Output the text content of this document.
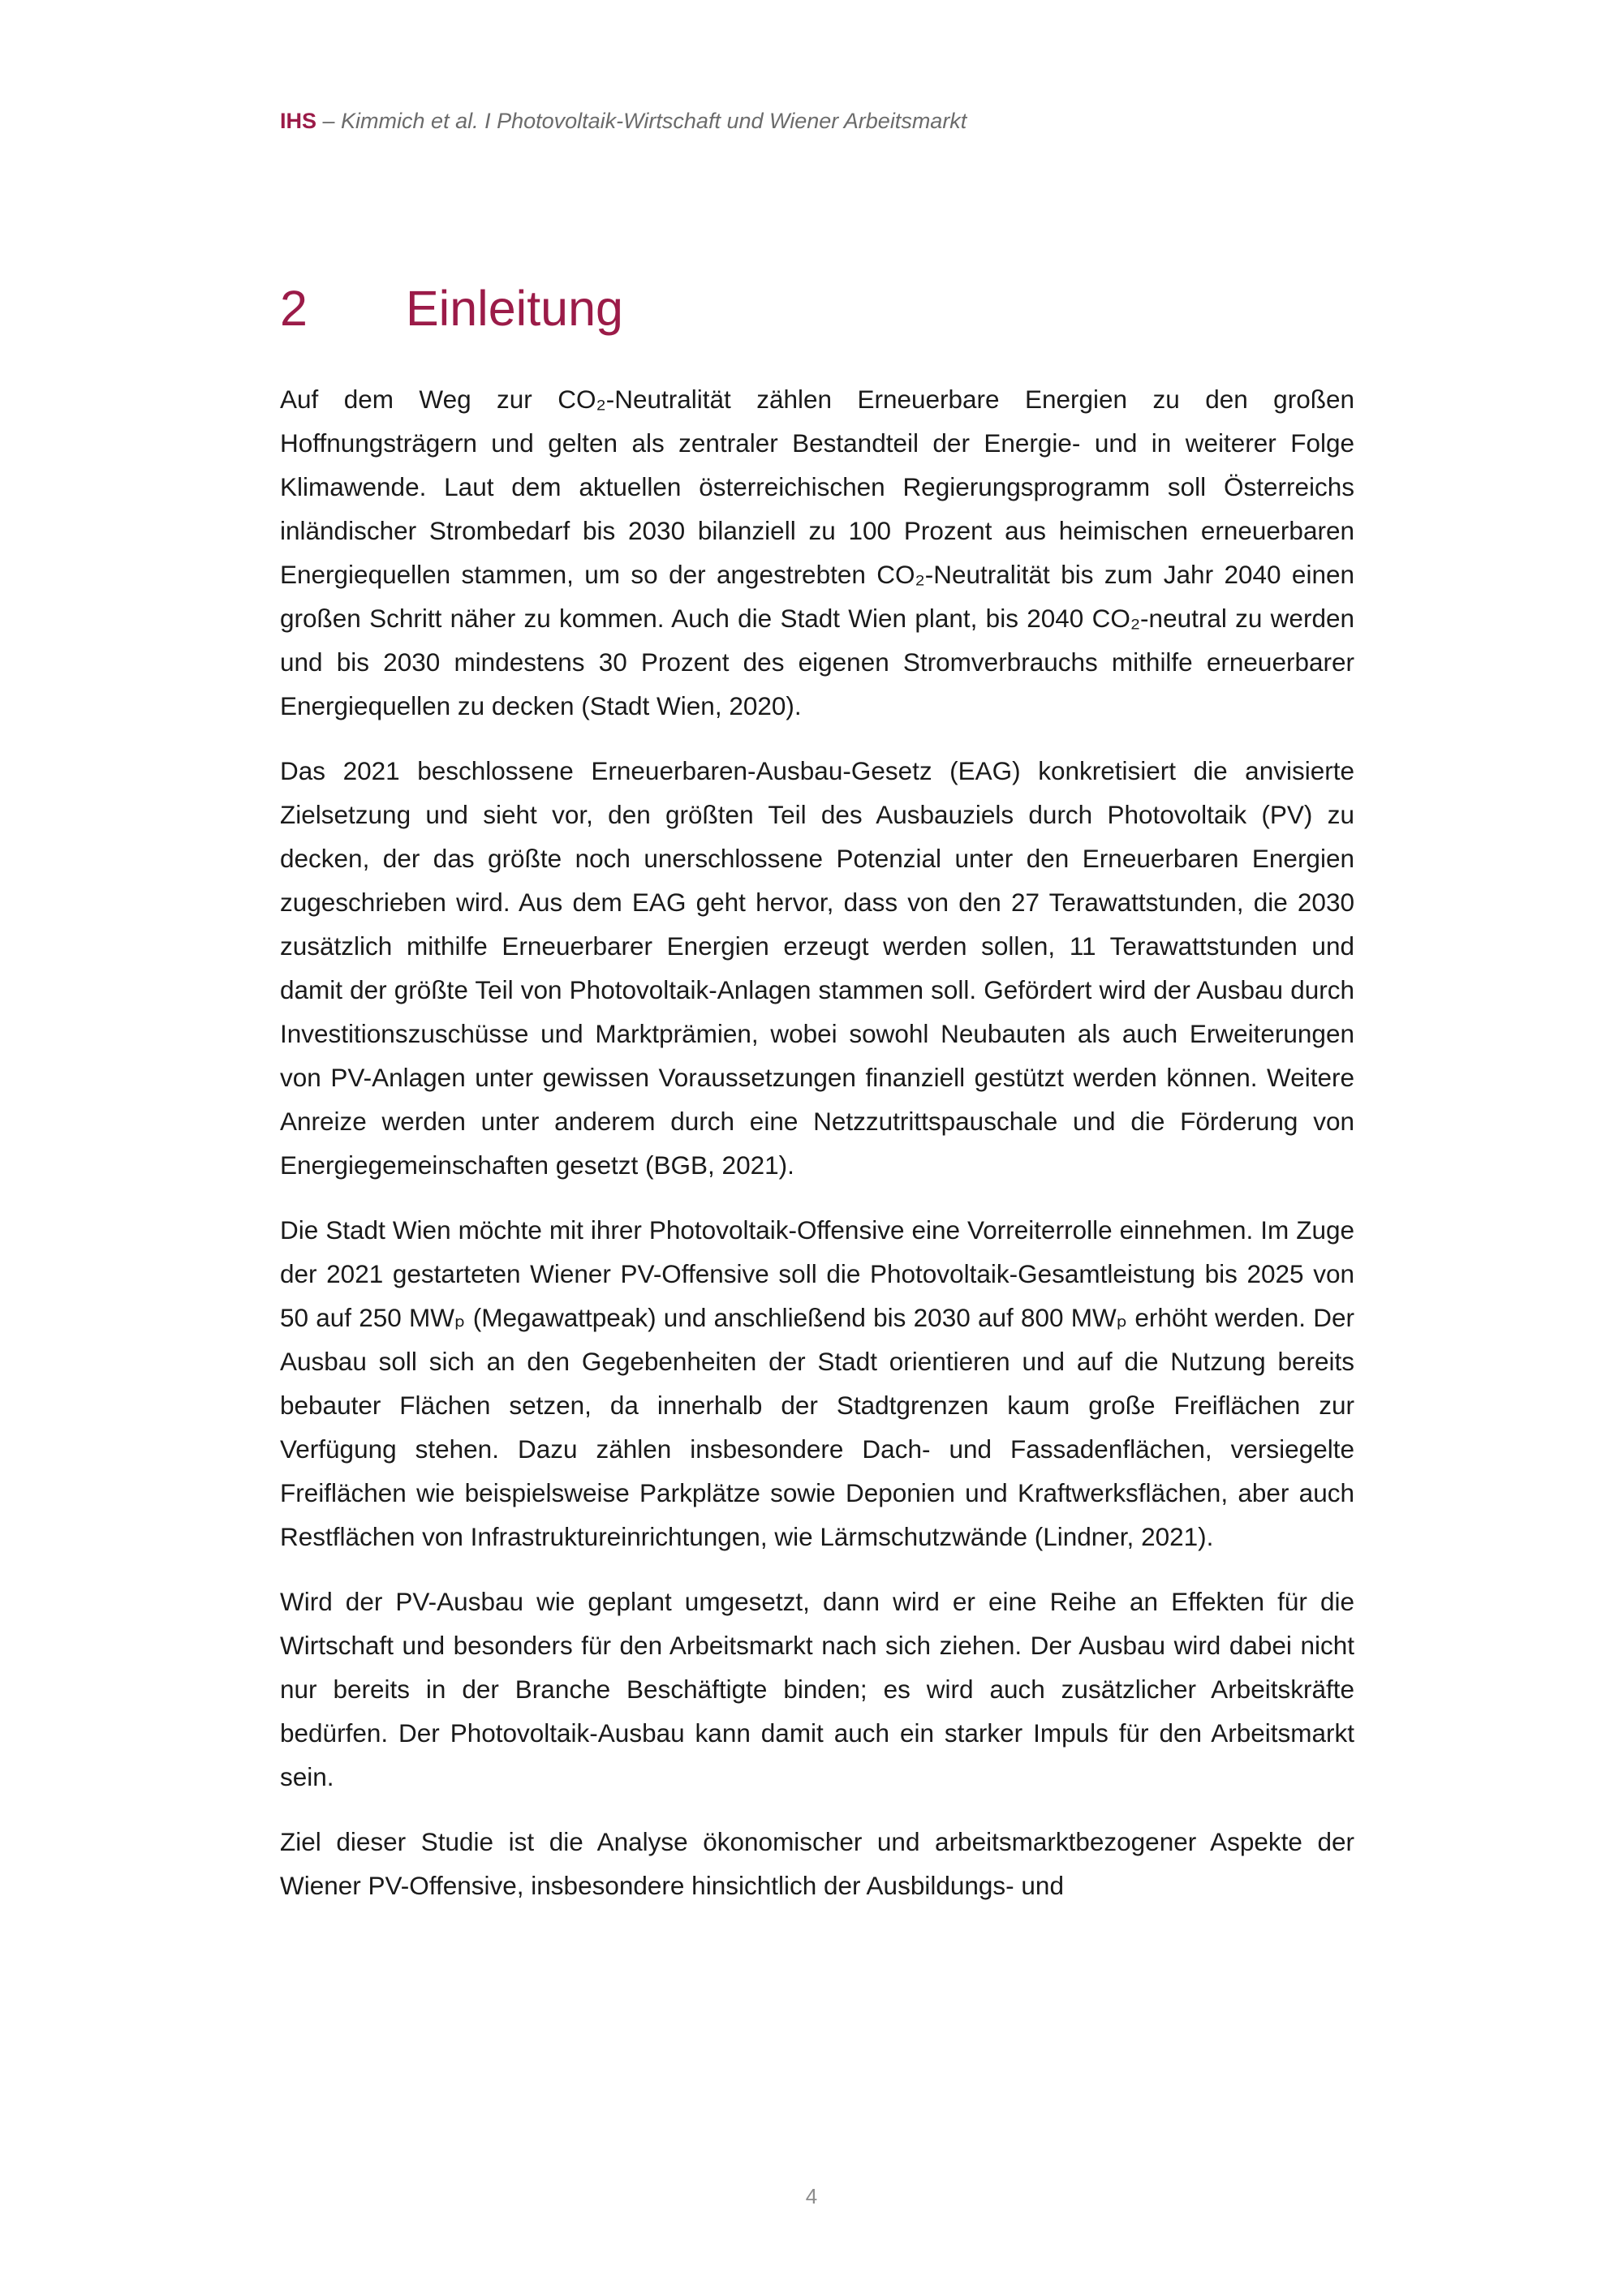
IHS – Kimmich et al. I Photovoltaik-Wirtschaft und Wiener Arbeitsmarkt
2 Einleitung

Auf dem Weg zur CO₂-Neutralität zählen Erneuerbare Energien zu den großen Hoffnungsträgern und gelten als zentraler Bestandteil der Energie- und in weiterer Folge Klimawende. Laut dem aktuellen österreichischen Regierungsprogramm soll Österreichs inländischer Strombedarf bis 2030 bilanziell zu 100 Prozent aus heimischen erneuerbaren Energiequellen stammen, um so der angestrebten CO₂-Neutralität bis zum Jahr 2040 einen großen Schritt näher zu kommen. Auch die Stadt Wien plant, bis 2040 CO₂-neutral zu werden und bis 2030 mindestens 30 Prozent des eigenen Stromverbrauchs mithilfe erneuerbarer Energiequellen zu decken (Stadt Wien, 2020).

Das 2021 beschlossene Erneuerbaren-Ausbau-Gesetz (EAG) konkretisiert die anvisierte Zielsetzung und sieht vor, den größten Teil des Ausbauziels durch Photovoltaik (PV) zu decken, der das größte noch unerschlossene Potenzial unter den Erneuerbaren Energien zugeschrieben wird. Aus dem EAG geht hervor, dass von den 27 Terawattstunden, die 2030 zusätzlich mithilfe Erneuerbarer Energien erzeugt werden sollen, 11 Terawattstunden und damit der größte Teil von Photovoltaik-Anlagen stammen soll. Gefördert wird der Ausbau durch Investitionszuschüsse und Marktprämien, wobei sowohl Neubauten als auch Erweiterungen von PV-Anlagen unter gewissen Voraussetzungen finanziell gestützt werden können. Weitere Anreize werden unter anderem durch eine Netzzutrittspauschale und die Förderung von Energiegemeinschaften gesetzt (BGB, 2021).

Die Stadt Wien möchte mit ihrer Photovoltaik-Offensive eine Vorreiterrolle einnehmen. Im Zuge der 2021 gestarteten Wiener PV-Offensive soll die Photovoltaik-Gesamtleistung bis 2025 von 50 auf 250 MWₚ (Megawattpeak) und anschließend bis 2030 auf 800 MWₚ erhöht werden. Der Ausbau soll sich an den Gegebenheiten der Stadt orientieren und auf die Nutzung bereits bebauter Flächen setzen, da innerhalb der Stadtgrenzen kaum große Freiflächen zur Verfügung stehen. Dazu zählen insbesondere Dach- und Fassadenflächen, versiegelte Freiflächen wie beispielsweise Parkplätze sowie Deponien und Kraftwerksflächen, aber auch Restflächen von Infrastruktureinrichtungen, wie Lärmschutzwände (Lindner, 2021).

Wird der PV-Ausbau wie geplant umgesetzt, dann wird er eine Reihe an Effekten für die Wirtschaft und besonders für den Arbeitsmarkt nach sich ziehen. Der Ausbau wird dabei nicht nur bereits in der Branche Beschäftigte binden; es wird auch zusätzlicher Arbeitskräfte bedürfen. Der Photovoltaik-Ausbau kann damit auch ein starker Impuls für den Arbeitsmarkt sein.

Ziel dieser Studie ist die Analyse ökonomischer und arbeitsmarktbezogener Aspekte der Wiener PV-Offensive, insbesondere hinsichtlich der Ausbildungs- und

4
